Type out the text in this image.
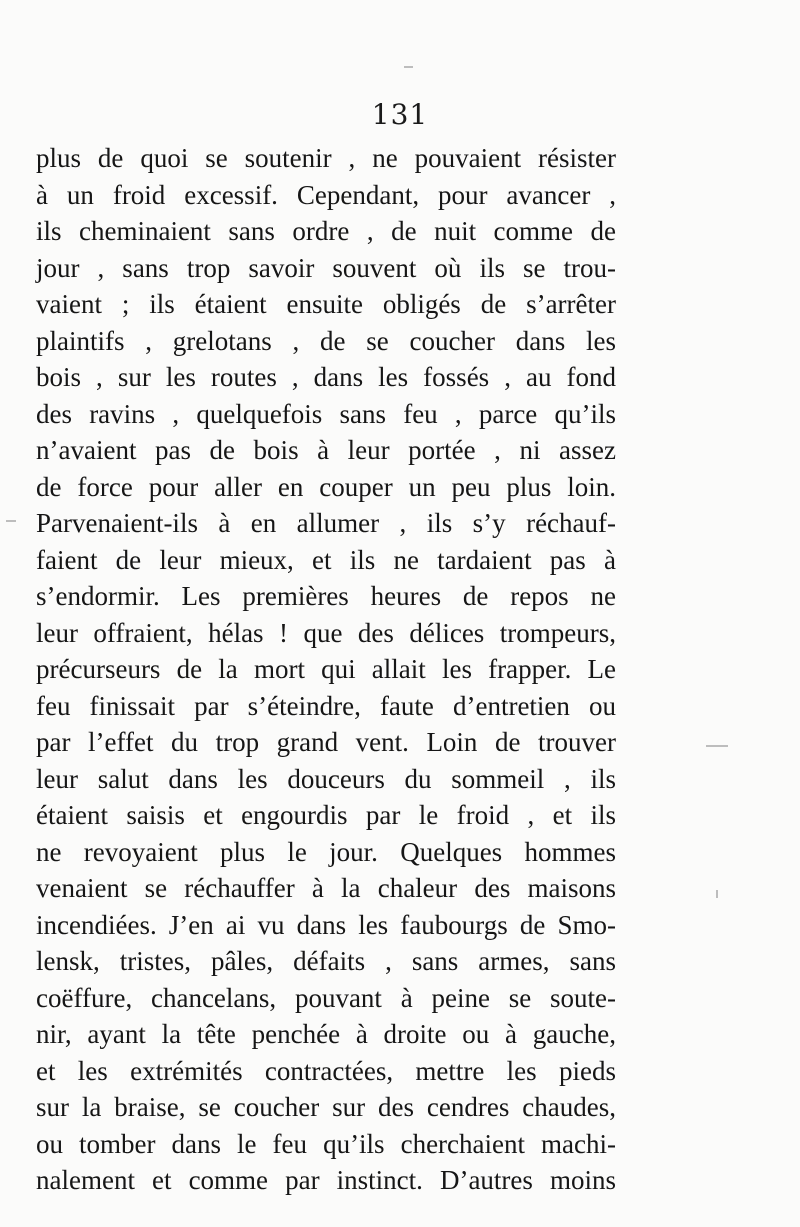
131
plus de quoi se soutenir , ne pouvaient résister
à un froid excessif. Cependant, pour avancer ,
ils cheminaient sans ordre , de nuit comme de
jour , sans trop savoir souvent où ils se trou-
vaient ; ils étaient ensuite obligés de s’arrêter
plaintifs , grelotans , de se coucher dans les
bois , sur les routes , dans les fossés , au fond
des ravins , quelquefois sans feu , parce qu’ils
n’avaient pas de bois à leur portée , ni assez
de force pour aller en couper un peu plus loin.
Parvenaient-ils à en allumer , ils s’y réchauf-
faient de leur mieux, et ils ne tardaient pas à
s’endormir. Les premières heures de repos ne
leur offraient, hélas ! que des délices trompeurs,
précurseurs de la mort qui allait les frapper. Le
feu finissait par s’éteindre, faute d’entretien ou
par l’effet du trop grand vent. Loin de trouver
leur salut dans les douceurs du sommeil , ils
étaient saisis et engourdis par le froid , et ils
ne revoyaient plus le jour. Quelques hommes
venaient se réchauffer à la chaleur des maisons
incendiées. J’en ai vu dans les faubourgs de Smo-
lensk, tristes, pâles, défaits , sans armes, sans
coëffure, chancelans, pouvant à peine se soute-
nir, ayant la tête penchée à droite ou à gauche,
et les extrémités contractées, mettre les pieds
sur la braise, se coucher sur des cendres chaudes,
ou tomber dans le feu qu’ils cherchaient machi-
nalement et comme par instinct. D’autres moins
